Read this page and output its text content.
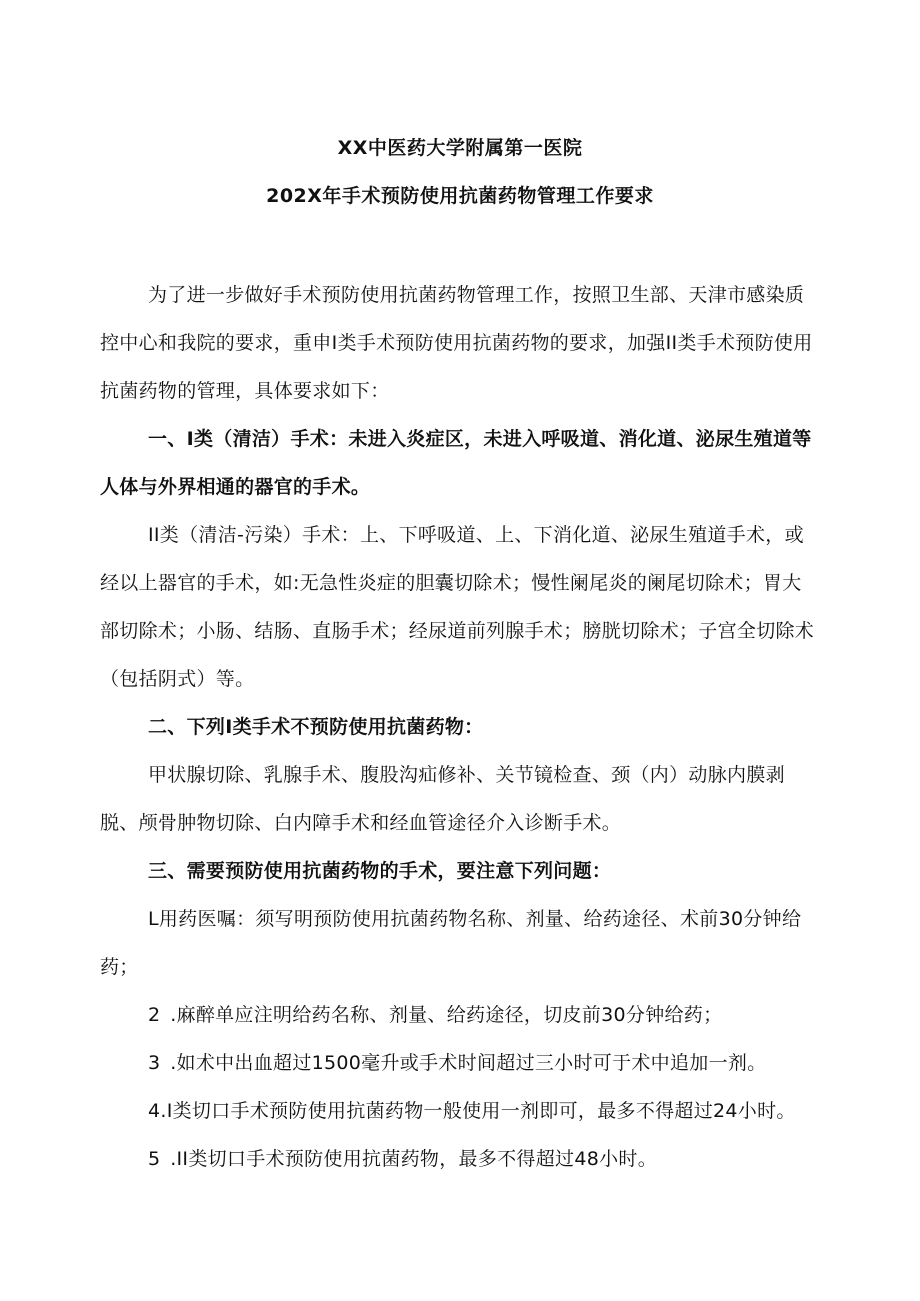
XX中医药大学附属第一医院
202X年手术预防使用抗菌药物管理工作要求
为了进一步做好手术预防使用抗菌药物管理工作，按照卫生部、天津市感染质
控中心和我院的要求，重申I类手术预防使用抗菌药物的要求，加强II类手术预防使用
抗菌药物的管理，具体要求如下：
一、I类（清洁）手术：未进入炎症区，未进入呼吸道、消化道、泌尿生殖道等
人体与外界相通的器官的手术。
II类（清洁-污染）手术：上、下呼吸道、上、下消化道、泌尿生殖道手术，或
经以上器官的手术，如:无急性炎症的胆囊切除术；慢性阑尾炎的阑尾切除术；胃大
部切除术；小肠、结肠、直肠手术；经尿道前列腺手术；膀胱切除术；子宫全切除术
（包括阴式）等。
二、下列I类手术不预防使用抗菌药物：
甲状腺切除、乳腺手术、腹股沟疝修补、关节镜检查、颈（内）动脉内膜剥
脱、颅骨肿物切除、白内障手术和经血管途径介入诊断手术。
三、需要预防使用抗菌药物的手术，要注意下列问题：
L用药医嘱：须写明预防使用抗菌药物名称、剂量、给药途径、术前30分钟给
药；
2 .麻醉单应注明给药名称、剂量、给药途径，切皮前30分钟给药；
3 .如术中出血超过1500毫升或手术时间超过三小时可于术中追加一剂。
4.I类切口手术预防使用抗菌药物一般使用一剂即可，最多不得超过24小时。
5 .II类切口手术预防使用抗菌药物，最多不得超过48小时。
